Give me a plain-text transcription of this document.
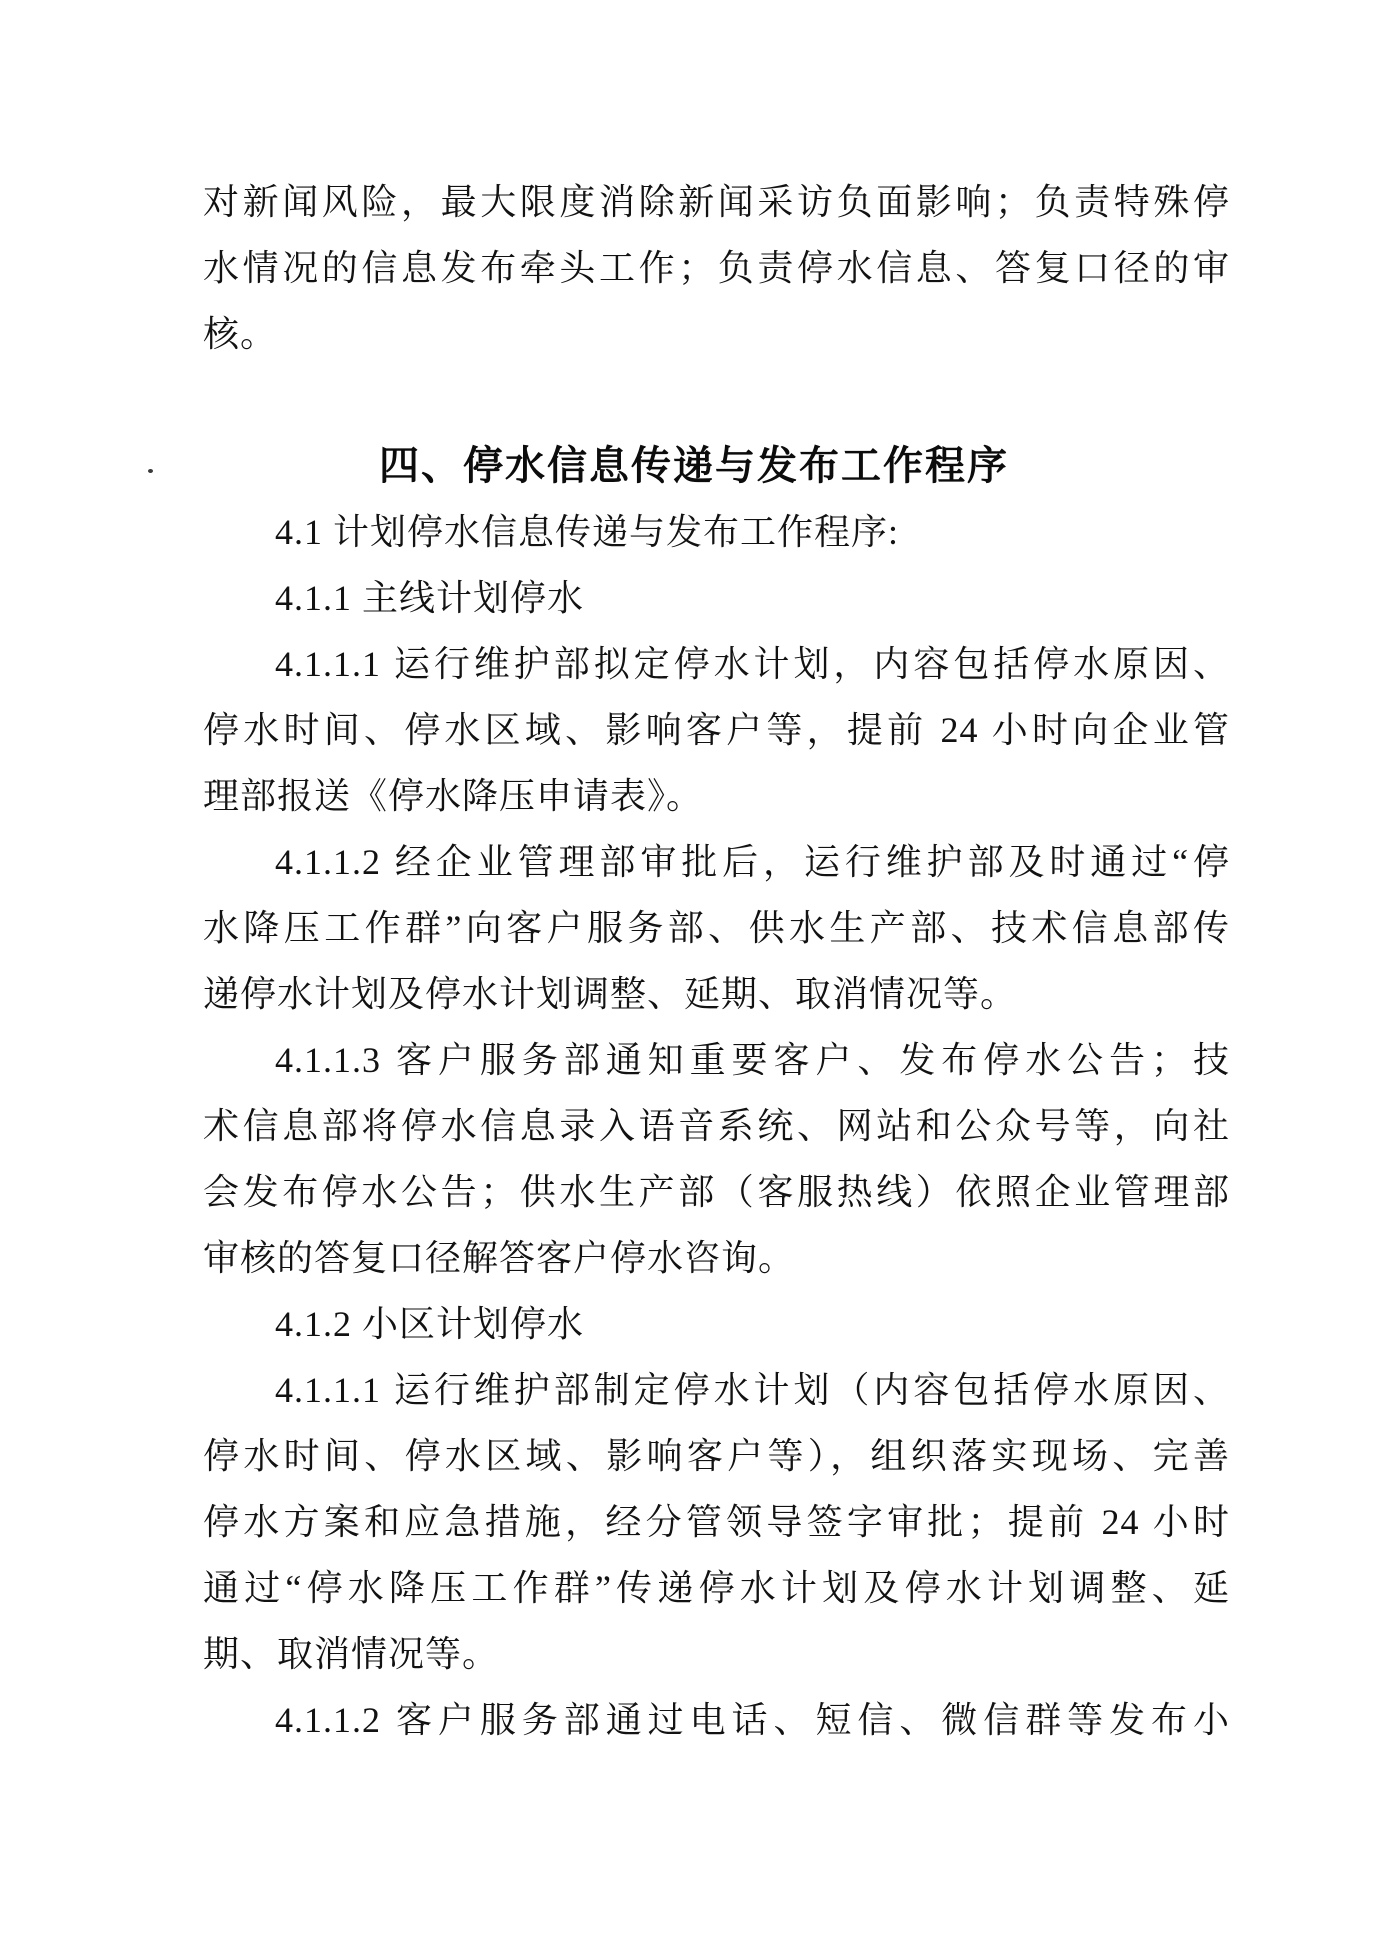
对新闻风险，最大限度消除新闻采访负面影响；负责特殊停
水情况的信息发布牵头工作；负责停水信息、答复口径的审
核。
四、停水信息传递与发布工作程序
4.1 计划停水信息传递与发布工作程序:
4.1.1 主线计划停水
4.1.1.1 运行维护部拟定停水计划，内容包括停水原因、
停水时间、停水区域、影响客户等，提前 24 小时向企业管
理部报送《停水降压申请表》。
4.1.1.2 经企业管理部审批后，运行维护部及时通过“停
水降压工作群”向客户服务部、供水生产部、技术信息部传
递停水计划及停水计划调整、延期、取消情况等。
4.1.1.3 客户服务部通知重要客户、发布停水公告；技
术信息部将停水信息录入语音系统、网站和公众号等，向社
会发布停水公告；供水生产部（客服热线）依照企业管理部
审核的答复口径解答客户停水咨询。
4.1.2 小区计划停水
4.1.1.1 运行维护部制定停水计划（内容包括停水原因、
停水时间、停水区域、影响客户等），组织落实现场、完善
停水方案和应急措施，经分管领导签字审批；提前 24 小时
通过“停水降压工作群”传递停水计划及停水计划调整、延
期、取消情况等。
4.1.1.2 客户服务部通过电话、短信、微信群等发布小
